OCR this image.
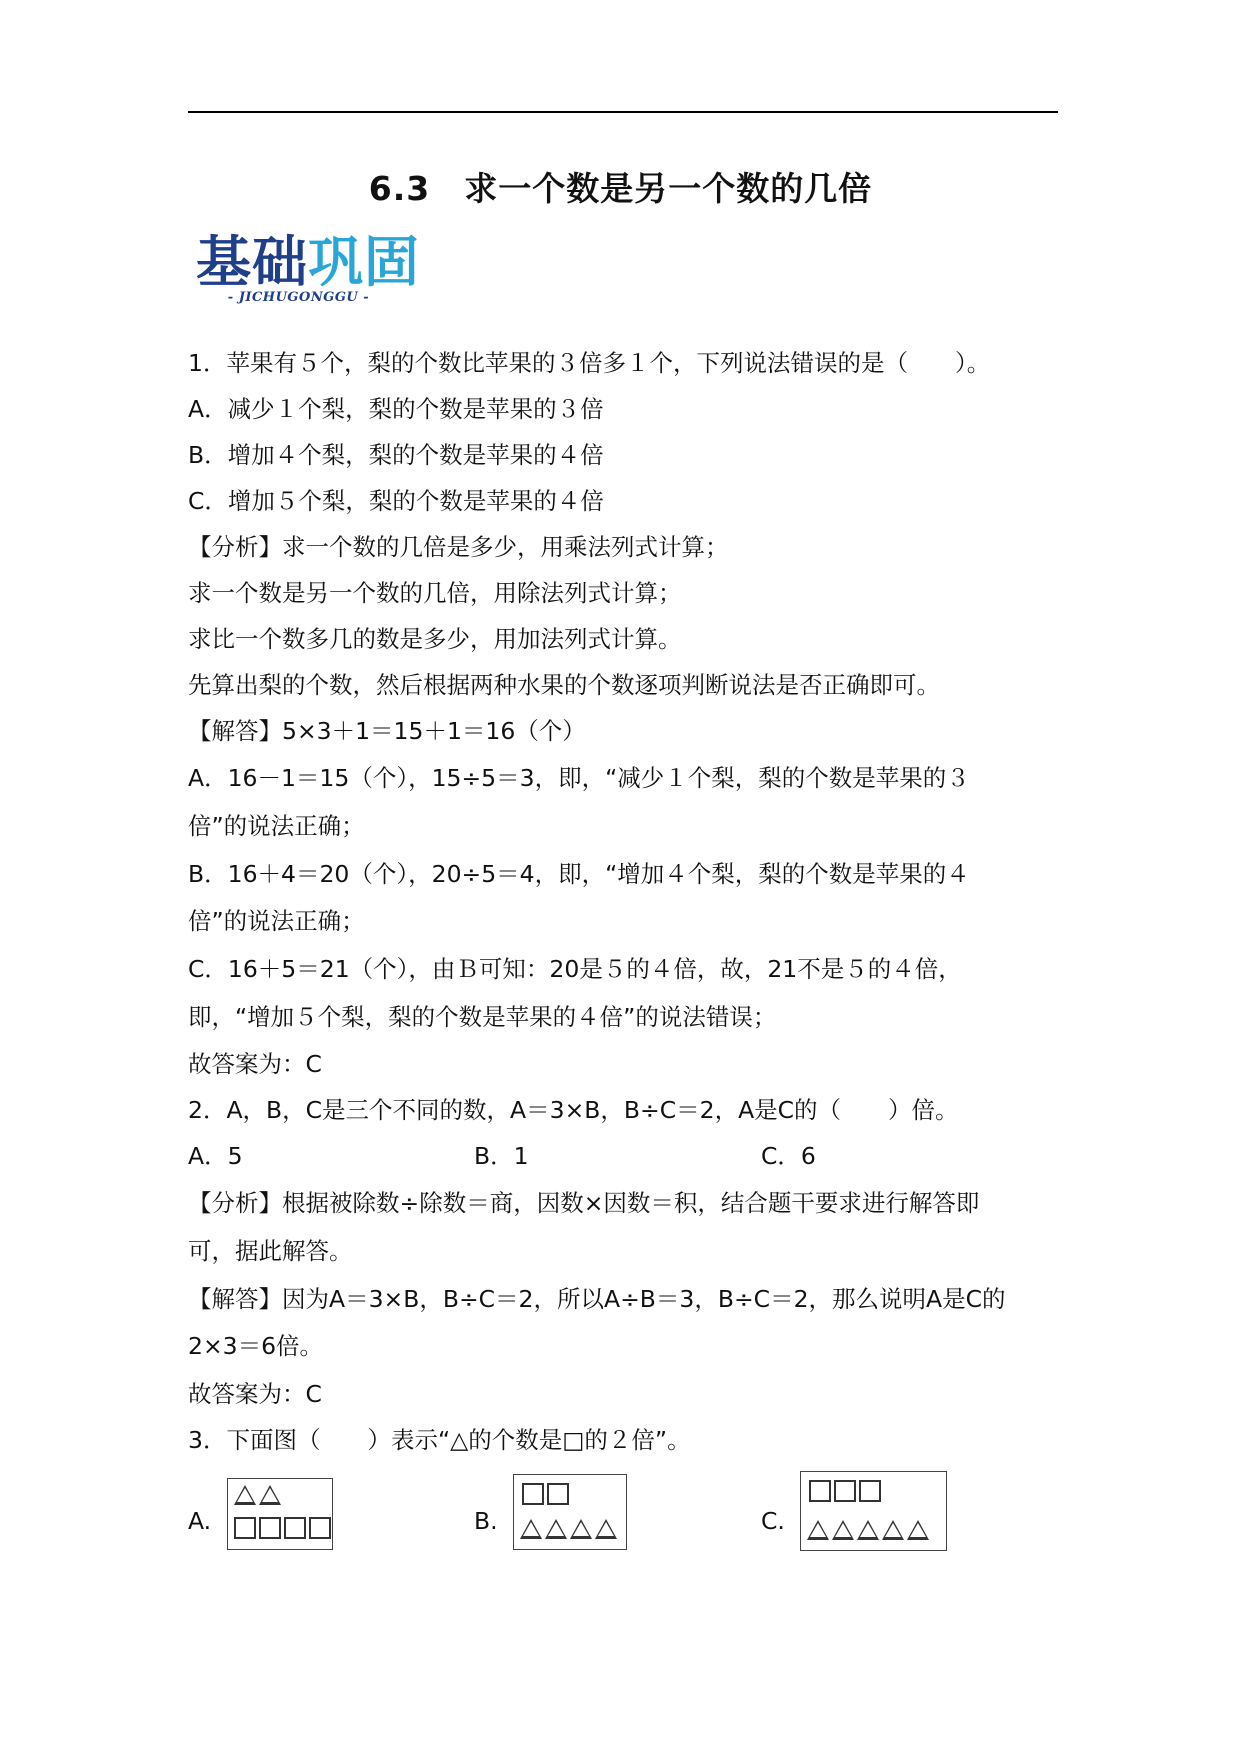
6.3　求一个数是另一个数的几倍
基础巩固
- JICHUGONGGU -
1．苹果有５个，梨的个数比苹果的３倍多１个，下列说法错误的是（　　）。
A．减少１个梨，梨的个数是苹果的３倍
B．增加４个梨，梨的个数是苹果的４倍
C．增加５个梨，梨的个数是苹果的４倍
【分析】求一个数的几倍是多少，用乘法列式计算；
求一个数是另一个数的几倍，用除法列式计算；
求比一个数多几的数是多少，用加法列式计算。
先算出梨的个数，然后根据两种水果的个数逐项判断说法是否正确即可。
【解答】5×3＋1＝15＋1＝16（个）
A．16－1＝15（个），15÷5＝3，即，“减少１个梨，梨的个数是苹果的３
倍”的说法正确；
B．16＋4＝20（个），20÷5＝4，即，“增加４个梨，梨的个数是苹果的４
倍”的说法正确；
C．16＋5＝21（个），由Ｂ可知：20是５的４倍，故，21不是５的４倍，
即，“增加５个梨，梨的个数是苹果的４倍”的说法错误；
故答案为：C
2．A，B，C是三个不同的数，A＝3×B，B÷C＝2，A是C的（　　）倍。
A．5	B．1	C．6
【分析】根据被除数÷除数＝商，因数×因数＝积，结合题干要求进行解答即
可，据此解答。
【解答】因为A＝3×B，B÷C＝2，所以A÷B＝3，B÷C＝2，那么说明A是C的
2×3＝6倍。
故答案为：C
3．下面图（　　）表示“△的个数是□的２倍”。
A.	B.	C.
